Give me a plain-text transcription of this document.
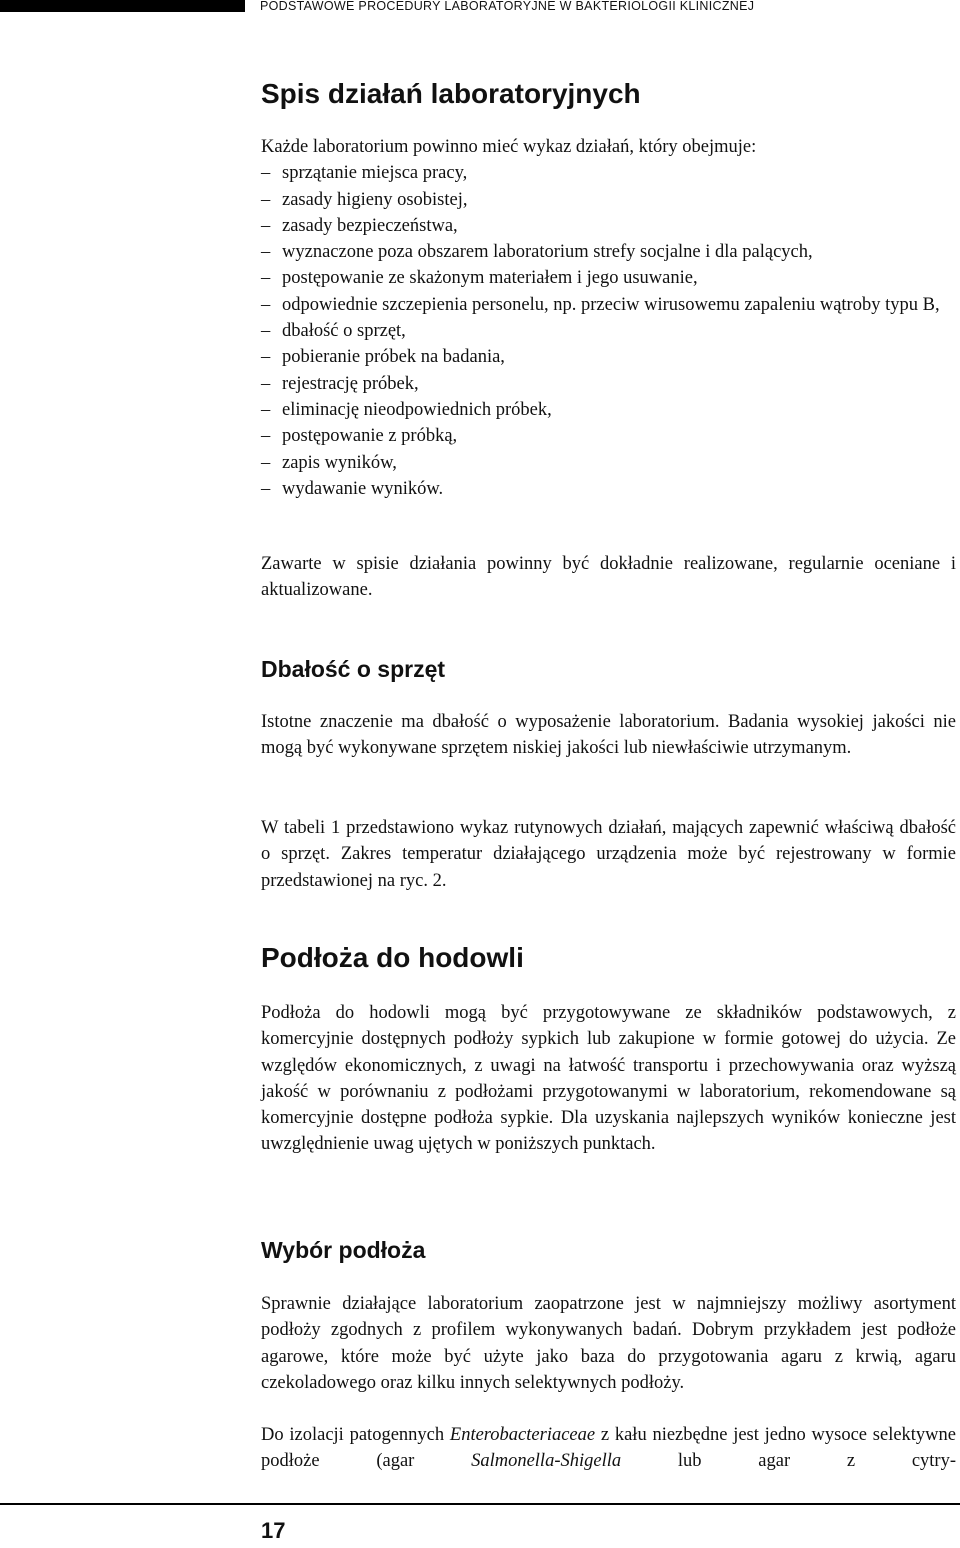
PODSTAWOWE PROCEDURY LABORATORYJNE W BAKTERIOLOGII KLINICZNEJ
Spis działań laboratoryjnych

Każde laboratorium powinno mieć wykaz działań, który obejmuje:

– sprzątanie miejsca pracy,
– zasady higieny osobistej,
– zasady bezpieczeństwa,
– wyznaczone poza obszarem laboratorium strefy socjalne i dla palących,
– postępowanie ze skażonym materiałem i jego usuwanie,
– odpowiednie szczepienia personelu, np. przeciw wirusowemu zapaleniu wątroby typu B,

– dbałość o sprzęt,
– pobieranie próbek na badania,
– rejestrację próbek,
– eliminację nieodpowiednich próbek,
– postępowanie z próbką,
– zapis wyników,
– wydawanie wyników.

Zawarte w spisie działania powinny być dokładnie realizowane, regularnie oceniane i aktualizowane.

Dbałość o sprzęt

Istotne znaczenie ma dbałość o wyposażenie laboratorium. Badania wysokiej jakości nie mogą być wykonywane sprzętem niskiej jakości lub niewłaściwie utrzymanym.

W tabeli 1 przedstawiono wykaz rutynowych działań, mających zapewnić właściwą dbałość o sprzęt. Zakres temperatur działającego urządzenia może być rejestrowany w formie przedstawionej na ryc. 2.

Podłoża do hodowli

Podłoża do hodowli mogą być przygotowywane ze składników podstawowych, z komercyjnie dostępnych podłoży sypkich lub zakupione w formie gotowej do użycia. Ze względów ekonomicznych, z uwagi na łatwość transportu i przechowywania oraz wyższą jakość w porównaniu z podłożami przygotowanymi w laboratorium, rekomendowane są komercyjnie dostępne podłoża sypkie. Dla uzyskania najlepszych wyników konieczne jest uwzględnienie uwag ujętych w poniższych punktach.

Wybór podłoża

Sprawnie działające laboratorium zaopatrzone jest w najmniejszy możliwy asortyment podłoży zgodnych z profilem wykonywanych badań. Dobrym przykładem jest podłoże agarowe, które może być użyte jako baza do przygotowania agaru z krwią, agaru czekoladowego oraz kilku innych selektywnych podłoży.

Do izolacji patogennych Enterobacteriaceae z kału niezbędne jest jedno wysoce selektywne podłoże (agar Salmonella-Shigella lub agar z cytry-

17
